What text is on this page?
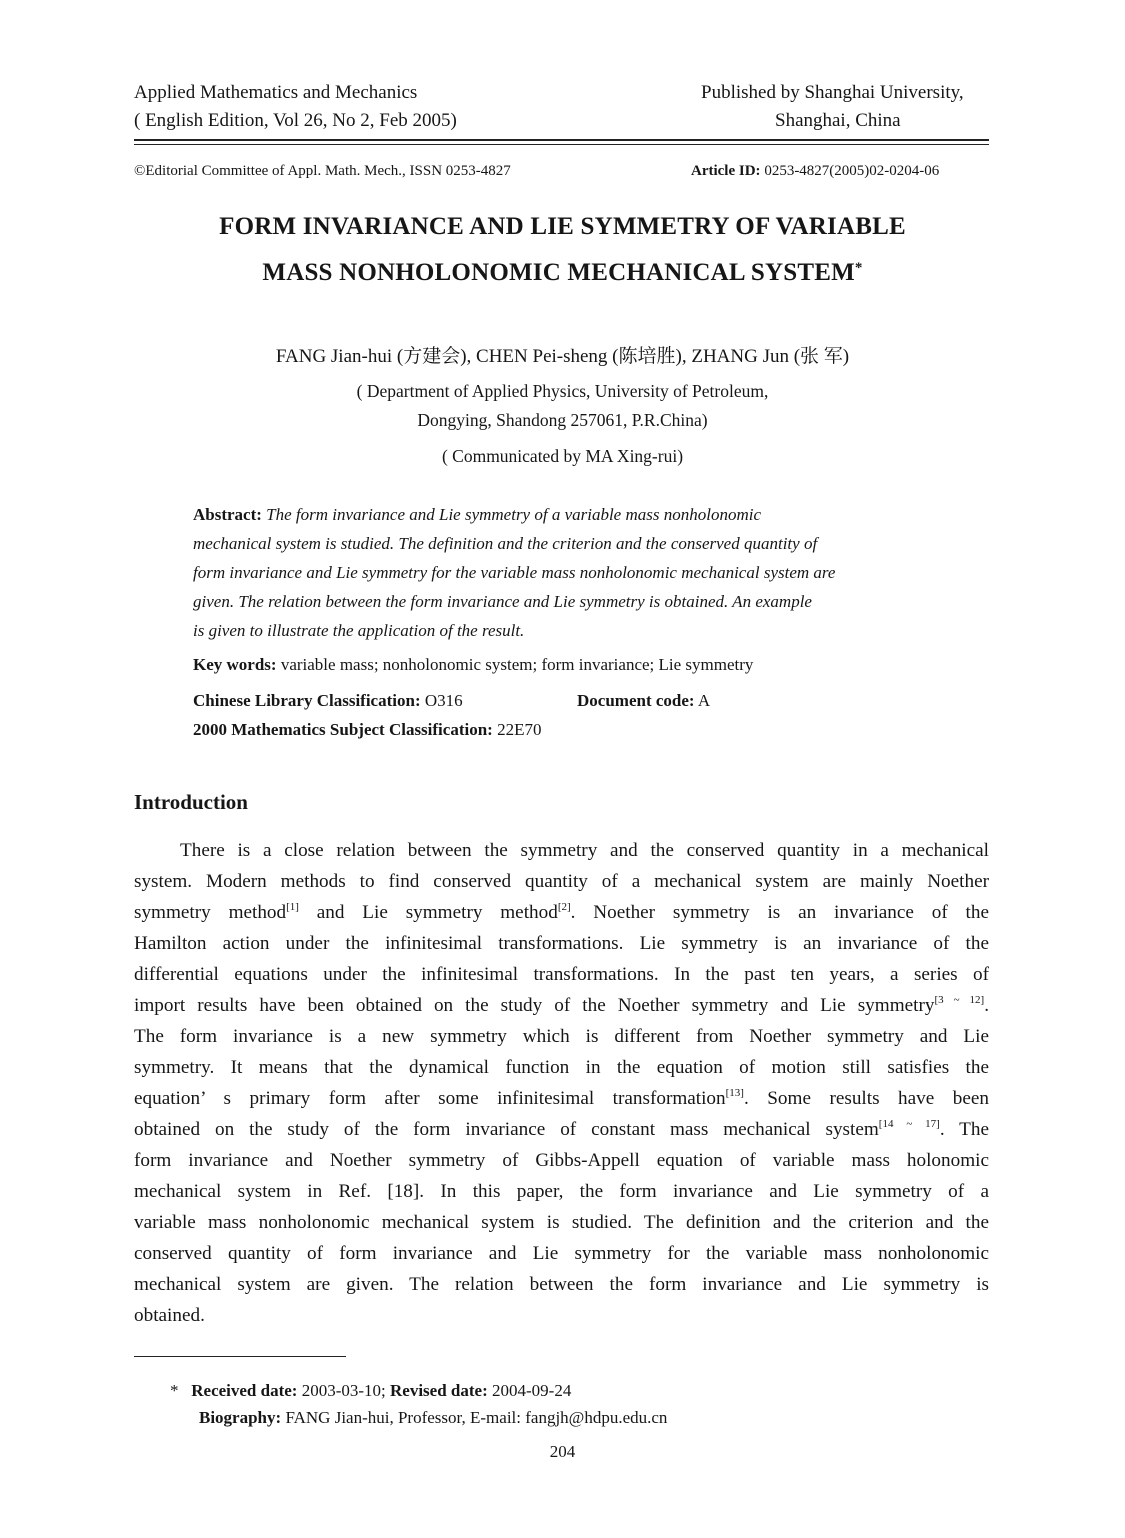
Applied Mathematics and Mechanics
( English Edition, Vol 26, No 2, Feb 2005)
Published by Shanghai University,
Shanghai, China
©Editorial Committee of Appl. Math. Mech., ISSN 0253-4827	Article ID: 0253-4827(2005)02-0204-06
FORM INVARIANCE AND LIE SYMMETRY OF VARIABLE
MASS NONHOLONOMIC MECHANICAL SYSTEM*
FANG Jian-hui (方建会), CHEN Pei-sheng (陈培胜), ZHANG Jun (张 军)
( Department of Applied Physics, University of Petroleum,
Dongying, Shandong 257061, P.R.China)
( Communicated by MA Xing-rui)
Abstract: The form invariance and Lie symmetry of a variable mass nonholonomic
mechanical system is studied. The definition and the criterion and the conserved quantity of
form invariance and Lie symmetry for the variable mass nonholonomic mechanical system are
given. The relation between the form invariance and Lie symmetry is obtained. An example
is given to illustrate the application of the result.
Key words: variable mass; nonholonomic system; form invariance; Lie symmetry
Chinese Library Classification: O316	Document code: A
2000 Mathematics Subject Classification: 22E70
Introduction
There is a close relation between the symmetry and the conserved quantity in a mechanical
system. Modern methods to find conserved quantity of a mechanical system are mainly Noether
symmetry method[1] and Lie symmetry method[2]. Noether symmetry is an invariance of the
Hamilton action under the infinitesimal transformations. Lie symmetry is an invariance of the
differential equations under the infinitesimal transformations. In the past ten years, a series of
import results have been obtained on the study of the Noether symmetry and Lie symmetry[3 ~ 12].
The form invariance is a new symmetry which is different from Noether symmetry and Lie
symmetry. It means that the dynamical function in the equation of motion still satisfies the
equation’ s primary form after some infinitesimal transformation[13]. Some results have been
obtained on the study of the form invariance of constant mass mechanical system[14 ~ 17]. The
form invariance and Noether symmetry of Gibbs-Appell equation of variable mass holonomic
mechanical system in Ref. [18]. In this paper, the form invariance and Lie symmetry of a
variable mass nonholonomic mechanical system is studied. The definition and the criterion and the
conserved quantity of form invariance and Lie symmetry for the variable mass nonholonomic
mechanical system are given. The relation between the form invariance and Lie symmetry is
obtained.
* Received date: 2003-03-10; Revised date: 2004-09-24
Biography: FANG Jian-hui, Professor, E-mail: fangjh@hdpu.edu.cn
204
